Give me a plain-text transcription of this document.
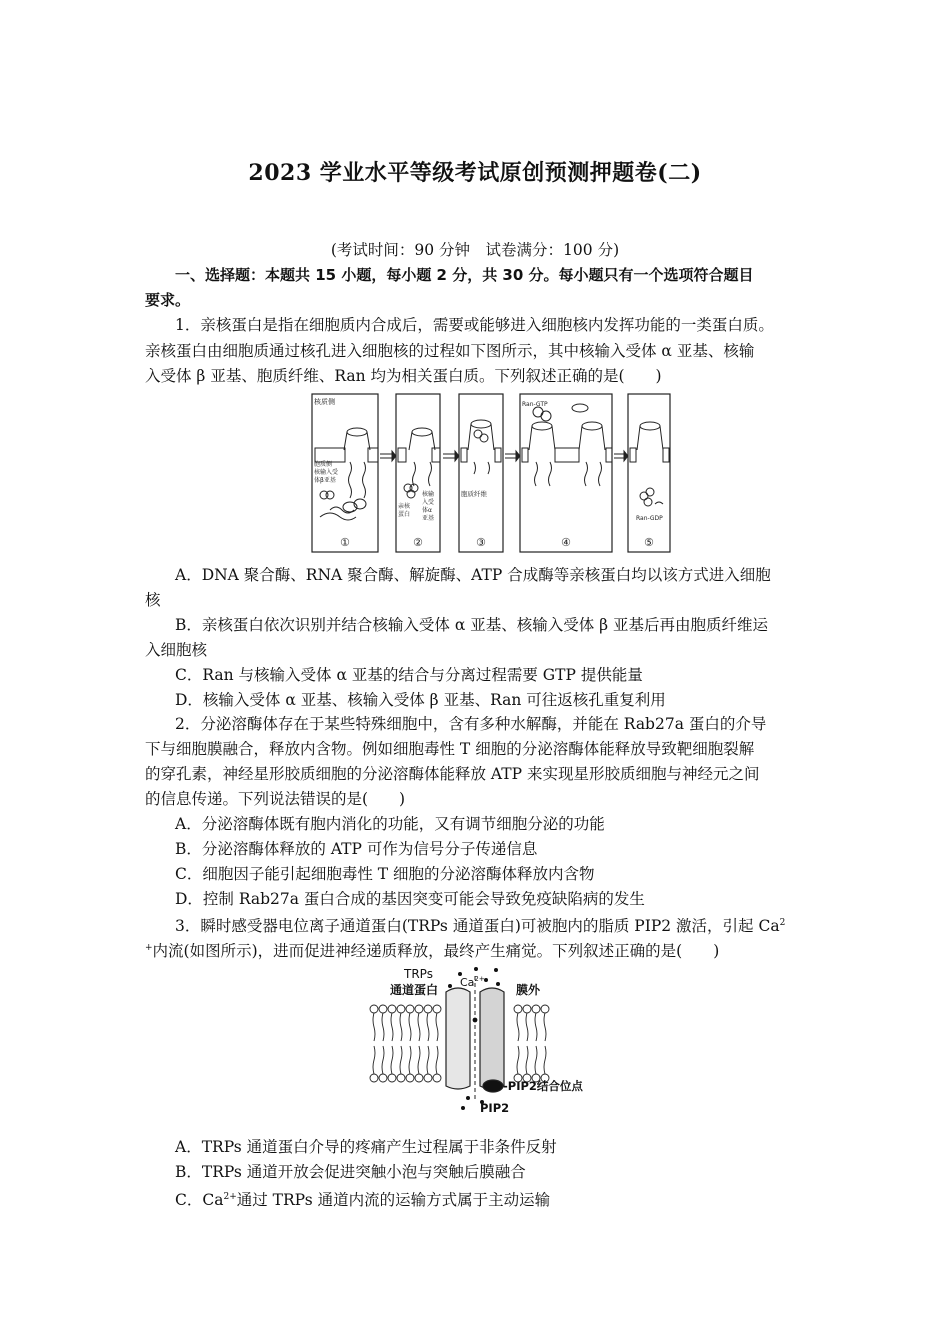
2023 学业水平等级考试原创预测押题卷(二)
(考试时间：90 分钟　试卷满分：100 分)
一、选择题：本题共 15 小题，每小题 2 分，共 30 分。每小题只有一个选项符合题目
要求。
1．亲核蛋白是指在细胞质内合成后，需要或能够进入细胞核内发挥功能的一类蛋白质。
亲核蛋白由细胞质通过核孔进入细胞核的过程如下图所示，其中核输入受体 α 亚基、核输
入受体 β 亚基、胞质纤维、Ran 均为相关蛋白质。下列叙述正确的是(　　)
核质侧
胞质侧
核输入受
体β亚基
亲核
蛋白
核输
入受
体α
亚基
胞质纤维
Ran-GTP
Ran-GDP
①	②	③	④	⑤
A．DNA 聚合酶、RNA 聚合酶、解旋酶、ATP 合成酶等亲核蛋白均以该方式进入细胞
核
B．亲核蛋白依次识别并结合核输入受体 α 亚基、核输入受体 β 亚基后再由胞质纤维运
入细胞核
C．Ran 与核输入受体 α 亚基的结合与分离过程需要 GTP 提供能量
D．核输入受体 α 亚基、核输入受体 β 亚基、Ran 可往返核孔重复利用
2．分泌溶酶体存在于某些特殊细胞中，含有多种水解酶，并能在 Rab27a 蛋白的介导
下与细胞膜融合，释放内含物。例如细胞毒性 T 细胞的分泌溶酶体能释放导致靶细胞裂解
的穿孔素，神经星形胶质细胞的分泌溶酶体能释放 ATP 来实现星形胶质细胞与神经元之间
的信息传递。下列说法错误的是(　　)
A．分泌溶酶体既有胞内消化的功能，又有调节细胞分泌的功能
B．分泌溶酶体释放的 ATP 可作为信号分子传递信息
C．细胞因子能引起细胞毒性 T 细胞的分泌溶酶体释放内含物
D．控制 Rab27a 蛋白合成的基因突变可能会导致免疫缺陷病的发生
3．瞬时感受器电位离子通道蛋白(TRPs 通道蛋白)可被胞内的脂质 PIP2 激活，引起 Ca$^2$
+内流(如图所示)，进而促进神经递质释放，最终产生痛觉。下列叙述正确的是(　　)
TRPs
通道蛋白
$Ca^{2+}$
膜外
-PIP2结合位点
PIP2
A．TRPs 通道蛋白介导的疼痛产生过程属于非条件反射
B．TRPs 通道开放会促进突触小泡与突触后膜融合
C．$Ca^{2+}$通过 TRPs 通道内流的运输方式属于主动运输
